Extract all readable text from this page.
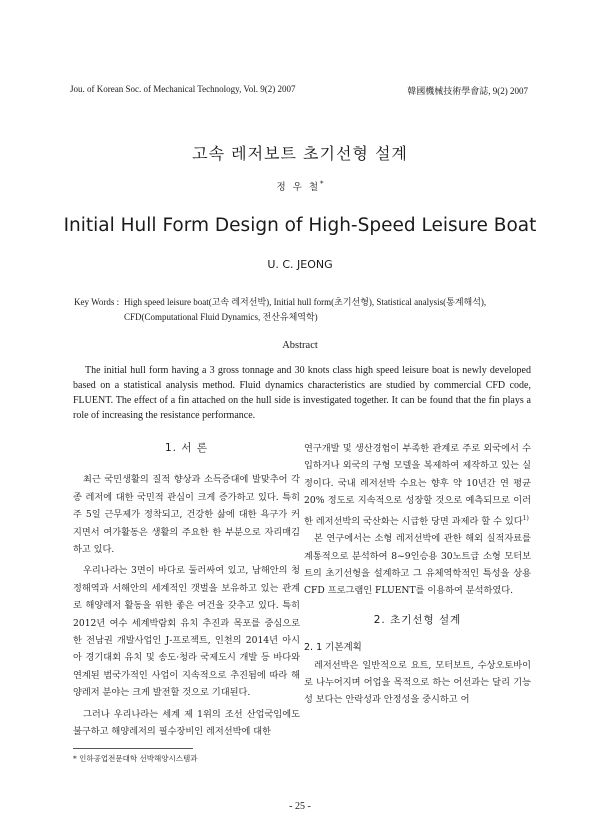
Jou. of Korean Soc. of Mechanical Technology, Vol. 9(2) 2007	韓國機械技術學會誌, 9(2) 2007
고속 레저보트 초기선형 설계
정 우 철*
Initial Hull Form Design of High-Speed Leisure Boat
U. C. JEONG
Key Words : High speed leisure boat(고속 레저선박), Initial hull form(초기선형), Statistical analysis(통계해석), CFD(Computational Fluid Dynamics, 전산유체역학)
Abstract

The initial hull form having a 3 gross tonnage and 30 knots class high speed leisure boat is newly developed based on a statistical analysis method. Fluid dynamics characteristics are studied by commercial CFD code, FLUENT. The effect of a fin attached on the hull side is investigated together. It can be found that the fin plays a role of increasing the resistance performance.

1. 서 론

최근 국민생활의 질적 향상과 소득증대에 발맞추어 각종 레저에 대한 국민적 관심이 크게 증가하고 있다. 특히 주 5일 근무제가 정착되고, 건강한 삶에 대한 욕구가 커지면서 여가활동은 생활의 주요한 한 부분으로 자리매김 하고 있다.

우리나라는 3면이 바다로 둘러싸여 있고, 남해안의 청정해역과 서해안의 세계적인 갯벌을 보유하고 있는 관계로 해양레저 활동을 위한 좋은 여건을 갖추고 있다. 특히 2012년 여수 세계박람회 유치 추진과 목포를 중심으로 한 전남권 개발사업인 J-프로젝트, 인천의 2014년 아시아 경기대회 유치 및 송도·청라 국제도시 개발 등 바다와 연계된 범국가적인 사업이 지속적으로 추진됨에 따라 해양레저 분야는 크게 발전할 것으로 기대된다.

그러나 우리나라는 세계 제 1위의 조선 산업국임에도 불구하고 해양레저의 필수장비인 레저선박에 대한

연구개발 및 생산경험이 부족한 관계로 주로 외국에서 수입하거나 외국의 구형 모델을 복제하여 제작하고 있는 실정이다. 국내 레저선박 수요는 향후 약 10년간 연 평균 20% 정도로 지속적으로 성장할 것으로 예측되므로 이러한 레저선박의 국산화는 시급한 당면 과제라 할 수 있다$^{1)}$

본 연구에서는 소형 레저선박에 관한 해외 실적자료를 계통적으로 분석하여 8~9인승용 30노트급 소형 모터보트의 초기선형을 설계하고 그 유체역학적인 특성을 상용 CFD 프로그램인 FLUENT를 이용하여 분석하였다.

2. 초기선형 설계

2. 1 기본계획

레저선박은 일반적으로 요트, 모터보트, 수상오토바이로 나누어지며 어업을 목적으로 하는 어선과는 달리 기능성 보다는 안락성과 안정성을 중시하고 어

* 인하공업전문대학 선박해양시스템과
- 25 -
